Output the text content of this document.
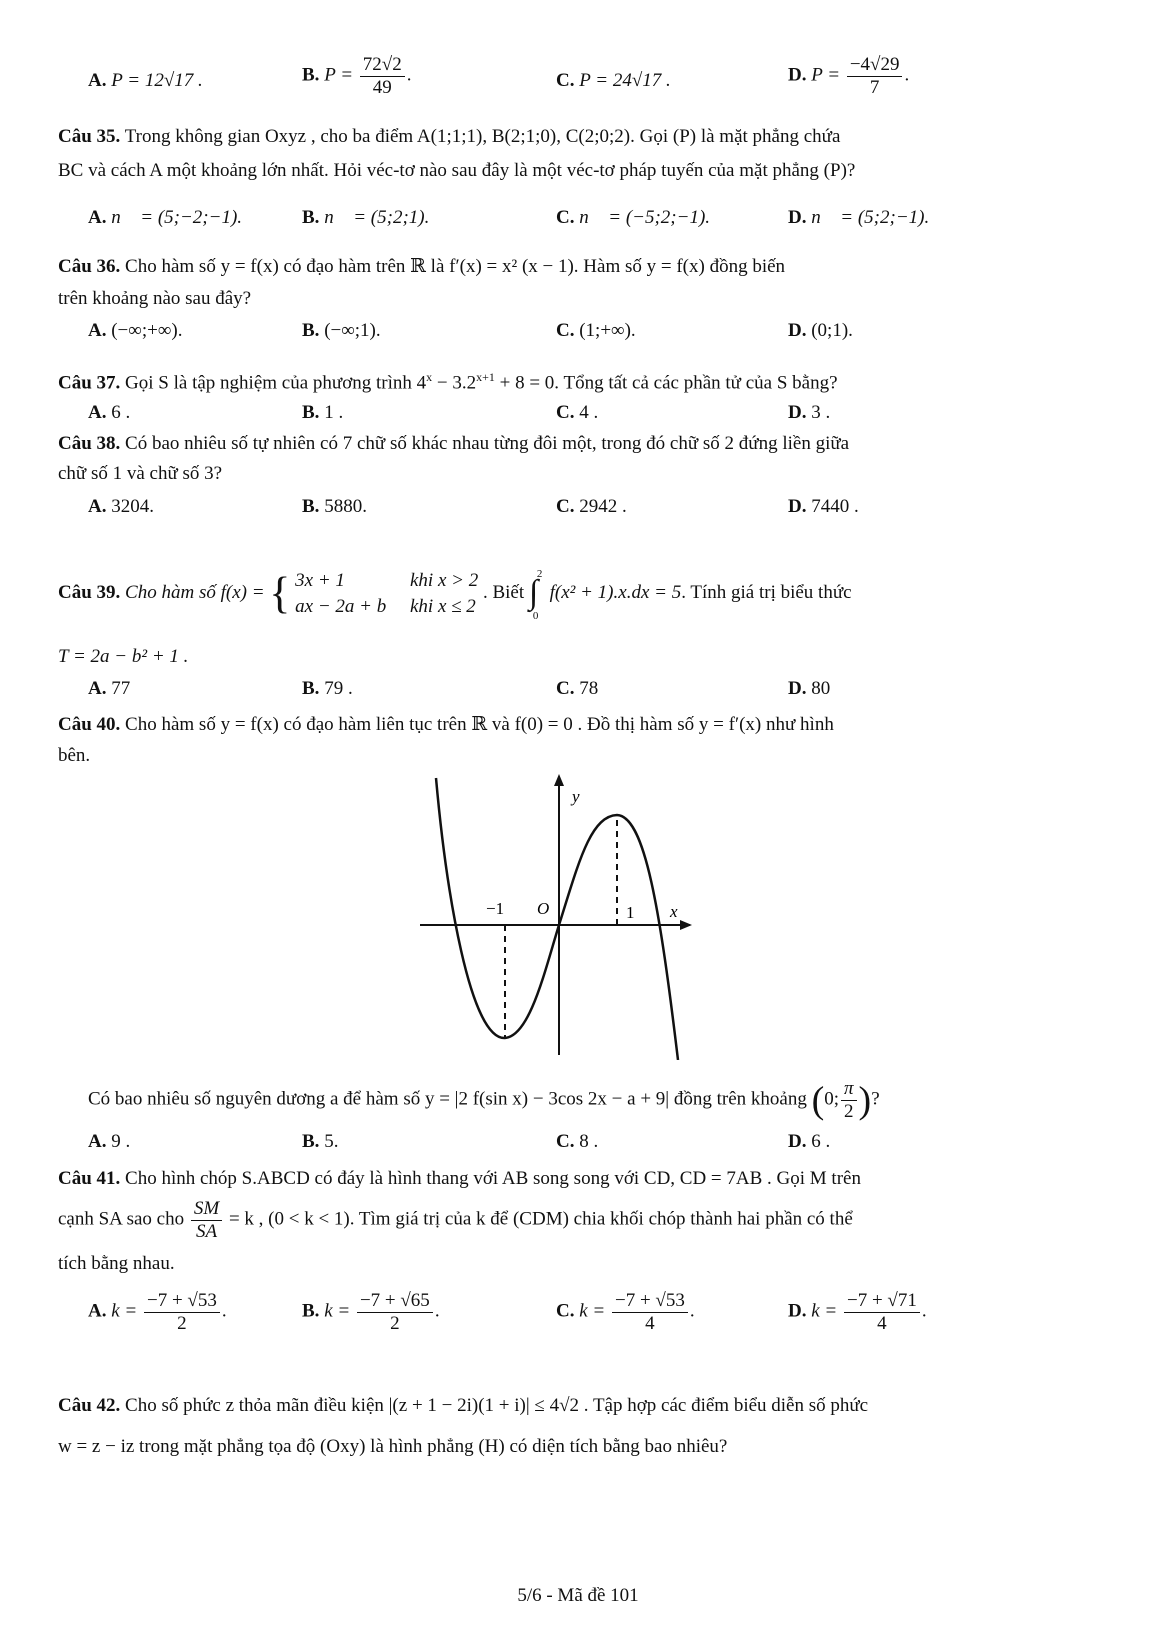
A. P = 12√17 .	B. $P = \frac{72√2}{49}$ .	C. P = 24√17 .	D. $P = \frac{-4√29}{7}$ .
Câu 35. Trong không gian Oxyz , cho ba điểm A(1;1;1), B(2;1;0), C(2;0;2). Gọi (P) là mặt phẳng chứa
BC và cách A một khoảng lớn nhất. Hỏi véc-tơ nào sau đây là một véc-tơ pháp tuyến của mặt phẳng (P)?
A. n⃗ = (5;−2;−1).	B. n⃗ = (5;2;1).	C. n⃗ = (−5;2;−1).	D. n⃗ = (5;2;−1).
Câu 36. Cho hàm số y = f(x) có đạo hàm trên ℝ là f′(x) = x² (x − 1). Hàm số y = f(x) đồng biến
trên khoảng nào sau đây?
A. (−∞;+∞).	B. (−∞;1).	C. (1;+∞).	D. (0;1).
Câu 37. Gọi S là tập nghiệm của phương trình $4^x - 3.2^{x+1} + 8 = 0$. Tổng tất cả các phần tử của S bằng?
A. 6 .	B. 1 .	C. 4 .	D. 3 .
Câu 38. Có bao nhiêu số tự nhiên có 7 chữ số khác nhau từng đôi một, trong đó chữ số 2 đứng liền giữa
chữ số 1 và chữ số 3?
A. 3204.	B. 5880.	C. 2942 .	D. 7440 .
Câu 39. Cho hàm số f(x) = { 3x + 1
ax − 2a + b     khi x > 2
khi x ≤ 2 . Biết ∫
2
0
f(x² + 1).x.dx = 5. Tính giá trị biểu thức
T = 2a − b² + 1 .
A. 77	B. 79 .	C. 78	D. 80
Câu 40. Cho hàm số y = f(x) có đạo hàm liên tục trên ℝ và f(0) = 0 . Đồ thị hàm số y = f′(x) như hình
bên.
y
x
O
−1	1
Có bao nhiêu số nguyên dương a để hàm số y = |2 f(sin x) − 3cos 2x − a + 9| đồng trên khoảng (0; $\frac{\pi}{2}$ )?
A. 9 .	B. 5.	C. 8 .	D. 6 .
Câu 41. Cho hình chóp S.ABCD có đáy là hình thang với AB song song với CD, CD = 7AB . Gọi M trên
cạnh SA sao cho $\frac{SM}{SA} = k$ , (0 < k < 1). Tìm giá trị của k để (CDM) chia khối chóp thành hai phần có thể
tích bằng nhau.
A. $k = \frac{-7 + √53}{2}$ .	B. $k = \frac{-7 + √65}{2}$ .	C. $k = \frac{-7 + √53}{4}$ .	D. $k = \frac{-7 + √71}{4}$ .
Câu 42. Cho số phức z thỏa mãn điều kiện |(z + 1 − 2i)(1 + i)| ≤ 4√2 . Tập hợp các điểm biểu diễn số phức
w = z − iz trong mặt phẳng tọa độ (Oxy) là hình phẳng (H) có diện tích bằng bao nhiêu?
5/6 - Mã đề 101
